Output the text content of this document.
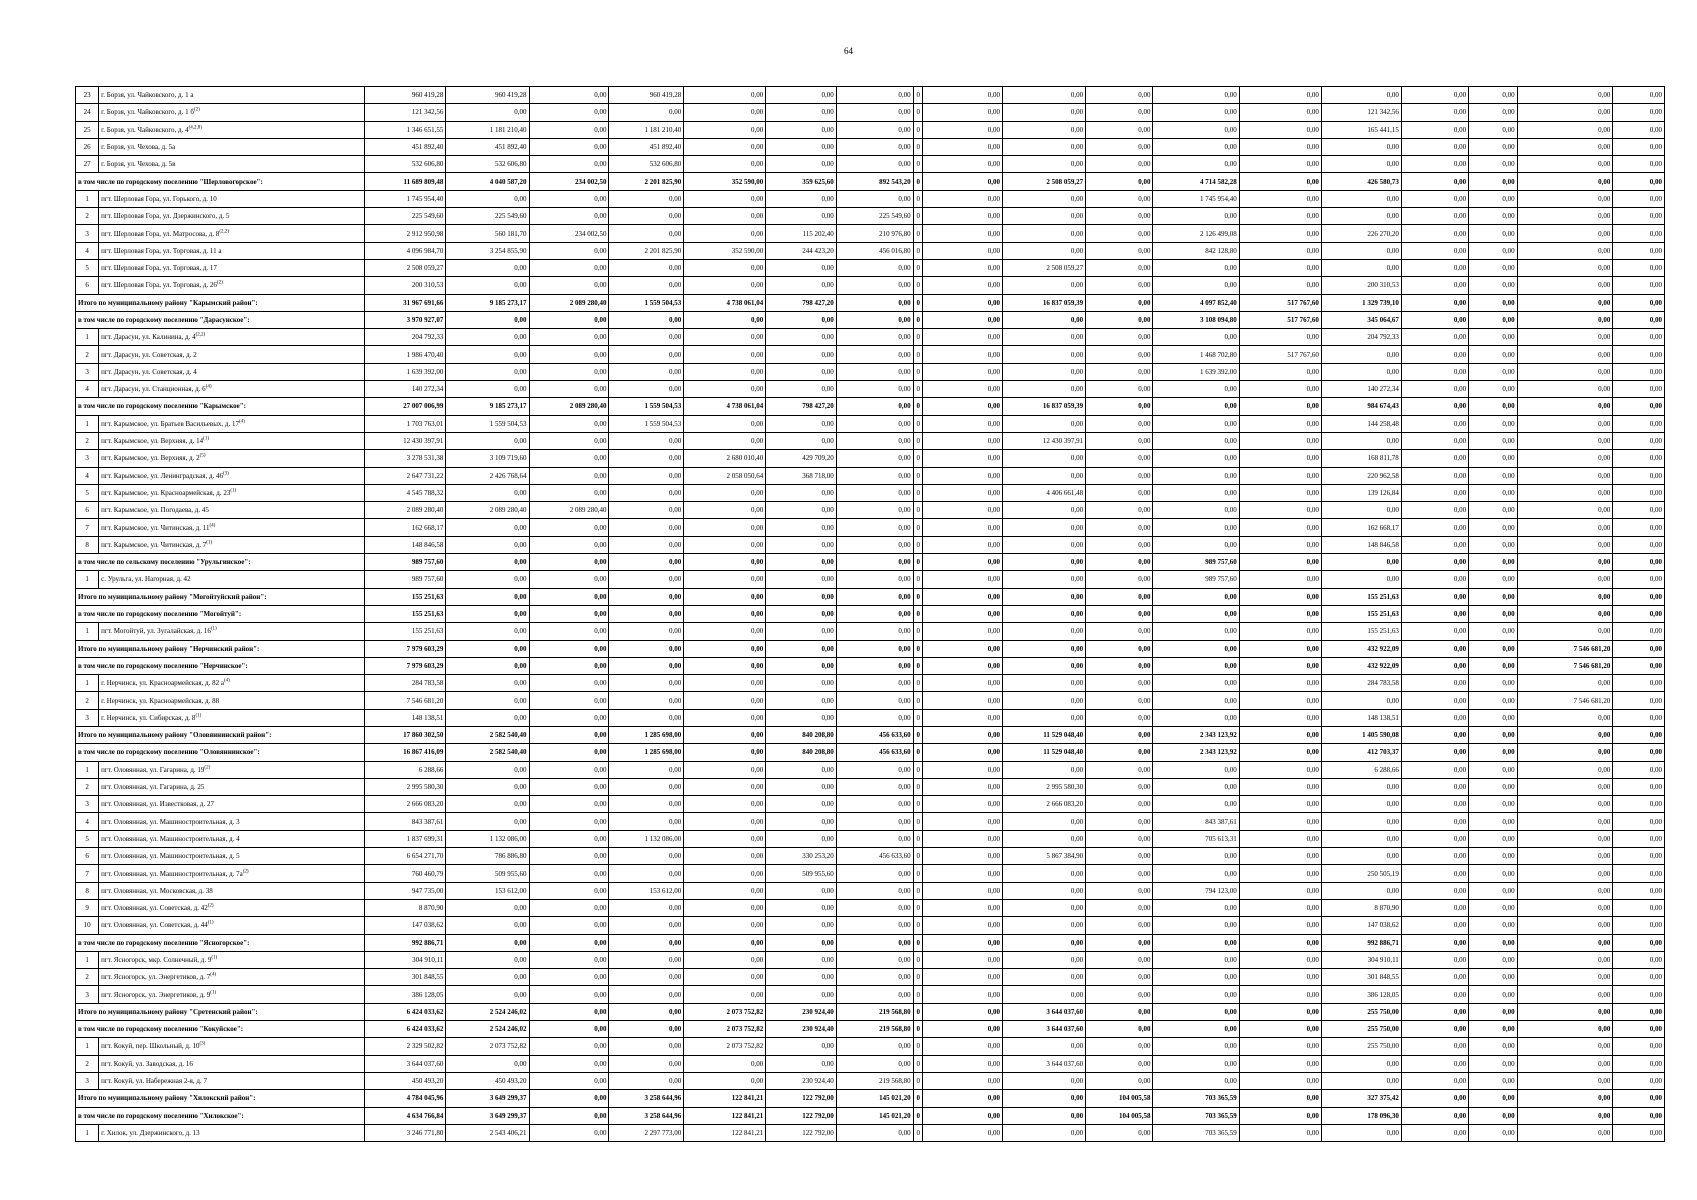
64
23	г. Борзя, ул. Чайковского, д. 1 а	960 419,28	960 419,28	0,00	960 419,28	0,00	0,00	0,00	0	0,00	0,00	0,00	0,00	0,00	0,00	0,00	0,00	0,00	0,00
24	г. Борзя, ул. Чайковского, д. 1 $б^{(2)}$	121 342,56	0,00	0,00	0,00	0,00	0,00	0,00	0	0,00	0,00	0,00	0,00	0,00	121 342,56	0,00	0,00	0,00	0,00
25	г. Борзя, ул. Чайковского, д. 4$^{(4,2,8)}$	1 346 651,55	1 181 210,40	0,00	1 181 210,40	0,00	0,00	0,00	0	0,00	0,00	0,00	0,00	0,00	165 441,15	0,00	0,00	0,00	0,00
26	г. Борзя, ул. Чехова, д. 5а	451 892,40	451 892,40	0,00	451 892,40	0,00	0,00	0,00	0	0,00	0,00	0,00	0,00	0,00	0,00	0,00	0,00	0,00	0,00
27	г. Борзя, ул. Чехова, д. 5в	532 606,80	532 606,80	0,00	532 606,80	0,00	0,00	0,00	0	0,00	0,00	0,00	0,00	0,00	0,00	0,00	0,00	0,00	0,00
в том числе по городскому поселению "Шерловогорское":		11 689 809,48	4 040 587,20	234 002,50	2 201 825,90	352 590,00	359 625,60	892 543,20	0	0,00	2 508 059,27	0,00	4 714 582,28	0,00	426 580,73	0,00	0,00	0,00	0,00
1	пгт. Шерловая Гора, ул. Горького, д. 10	1 745 954,40	0,00	0,00	0,00	0,00	0,00	0,00	0	0,00	0,00	0,00	1 745 954,40	0,00	0,00	0,00	0,00	0,00	0,00
2	пгт. Шерловая Гора, ул. Дзержинского, д. 5	225 549,60	225 549,60	0,00	0,00	0,00	0,00	225 549,60	0	0,00	0,00	0,00	0,00	0,00	0,00	0,00	0,00	0,00	0,00
3	пгт. Шерловая Гора, ул. Матросова, д. 8$^{(2,2)}$	2 912 950,98	560 181,70	234 002,50	0,00	0,00	115 202,40	210 976,80	0	0,00	0,00	0,00	2 126 499,08	0,00	226 270,20	0,00	0,00	0,00	0,00
4	пгт. Шерловая Гора, ул. Торговая, д. 11 а	4 096 984,70	3 254 855,90	0,00	2 201 825,90	352 590,00	244 423,20	456 016,80	0	0,00	0,00	0,00	842 128,80	0,00	0,00	0,00	0,00	0,00	0,00
5	пгт. Шерловая Гора, ул. Торговая, д. 17	2 508 059,27	0,00	0,00	0,00	0,00	0,00	0,00	0	0,00	2 508 059,27	0,00	0,00	0,00	0,00	0,00	0,00	0,00	0,00
6	пгт. Шерловая Гора, ул. Торговая, д. 26$^{(2)}$	200 310,53	0,00	0,00	0,00	0,00	0,00	0,00	0	0,00	0,00	0,00	0,00	0,00	200 310,53	0,00	0,00	0,00	0,00
Итого по муниципальному району "Карымский район":		31 967 691,66	9 185 273,17	2 089 280,40	1 559 504,53	4 738 061,04	798 427,20	0,00	0	0,00	16 837 059,39	0,00	4 097 852,40	517 767,60	1 329 739,10	0,00	0,00	0,00	0,00
в том числе по городскому поселению "Дарасунское":		3 970 927,07	0,00	0,00	0,00	0,00	0,00	0,00	0	0,00	0,00	0,00	3 108 094,80	517 767,60	345 064,67	0,00	0,00	0,00	0,00
1	пгт. Дарасун, ул. Калинина, д. 4$^{(2,2)}$	204 792,33	0,00	0,00	0,00	0,00	0,00	0,00	0	0,00	0,00	0,00	0,00	0,00	204 792,33	0,00	0,00	0,00	0,00
2	пгт. Дарасун, ул. Советская, д. 2	1 986 470,40	0,00	0,00	0,00	0,00	0,00	0,00	0	0,00	0,00	0,00	1 468 702,80	517 767,60	0,00	0,00	0,00	0,00	0,00
3	пгт. Дарасун, ул. Советская, д. 4	1 639 392,00	0,00	0,00	0,00	0,00	0,00	0,00	0	0,00	0,00	0,00	1 639 392,00	0,00	0,00	0,00	0,00	0,00	0,00
4	пгт. Дарасун, ул. Станционная, д. 6$^{(4)}$	140 272,34	0,00	0,00	0,00	0,00	0,00	0,00	0	0,00	0,00	0,00	0,00	0,00	140 272,34	0,00	0,00	0,00	0,00
в том числе по городскому поселению "Карымское":		27 007 006,99	9 185 273,17	2 089 280,40	1 559 504,53	4 738 061,04	798 427,20	0,00	0	0,00	16 837 059,39	0,00	0,00	0,00	984 674,43	0,00	0,00	0,00	0,00
1	пгт. Карымское, ул. Братьев Васильевых, д. 17$^{(4)}$	1 703 763,01	1 559 504,53	0,00	1 559 504,53	0,00	0,00	0,00	0	0,00	0,00	0,00	0,00	0,00	144 258,48	0,00	0,00	0,00	0,00
2	пгт. Карымское, ул. Верхняя, д. 14$^{(1)}$	12 430 397,91	0,00	0,00	0,00	0,00	0,00	0,00	0	0,00	12 430 397,91	0,00	0,00	0,00	0,00	0,00	0,00	0,00	0,00
3	пгт. Карымское, ул. Верхняя, д. 2$^{(5)}$	3 278 531,38	3 109 719,60	0,00	0,00	2 680 010,40	429 709,20	0,00	0	0,00	0,00	0,00	0,00	0,00	168 811,78	0,00	0,00	0,00	0,00
4	пгт. Карымское, ул. Ленинградская, д. 46$^{(3)}$	2 647 731,22	2 426 768,64	0,00	0,00	2 058 050,64	368 718,00	0,00	0	0,00	0,00	0,00	0,00	0,00	220 962,58	0,00	0,00	0,00	0,00
5	пгт. Карымское, ул. Красноармейская, д. 23$^{(1)}$	4 545 788,32	0,00	0,00	0,00	0,00	0,00	0,00	0	0,00	4 406 661,48	0,00	0,00	0,00	139 126,84	0,00	0,00	0,00	0,00
6	пгт. Карымское, ул. Погодаева, д. 45	2 089 280,40	2 089 280,40	2 089 280,40	0,00	0,00	0,00	0,00	0	0,00	0,00	0,00	0,00	0,00	0,00	0,00	0,00	0,00	0,00
7	пгт. Карымское, ул. Читинская, д. 11$^{(4)}$	162 668,17	0,00	0,00	0,00	0,00	0,00	0,00	0	0,00	0,00	0,00	0,00	0,00	162 668,17	0,00	0,00	0,00	0,00
8	пгт. Карымское, ул. Читинская, д. 7$^{(1)}$	148 846,58	0,00	0,00	0,00	0,00	0,00	0,00	0	0,00	0,00	0,00	0,00	0,00	148 846,58	0,00	0,00	0,00	0,00
в том числе по сельскому поселению "Урульгинское":		989 757,60	0,00	0,00	0,00	0,00	0,00	0,00	0	0,00	0,00	0,00	989 757,60	0,00	0,00	0,00	0,00	0,00	0,00
1	с. Урульга, ул. Нагорная, д. 42	989 757,60	0,00	0,00	0,00	0,00	0,00	0,00	0	0,00	0,00	0,00	989 757,60	0,00	0,00	0,00	0,00	0,00	0,00
Итого по муниципальному району "Могойтуйский район":		155 251,63	0,00	0,00	0,00	0,00	0,00	0,00	0	0,00	0,00	0,00	0,00	0,00	155 251,63	0,00	0,00	0,00	0,00
в том числе по городскому поселению "Могойтуй":		155 251,63	0,00	0,00	0,00	0,00	0,00	0,00	0	0,00	0,00	0,00	0,00	0,00	155 251,63	0,00	0,00	0,00	0,00
1	пгт. Могойтуй, ул. Зугалайская, д. 16$^{(1)}$	155 251,63	0,00	0,00	0,00	0,00	0,00	0,00	0	0,00	0,00	0,00	0,00	0,00	155 251,63	0,00	0,00	0,00	0,00
Итого по муниципальному району "Нерчинский район":		7 979 603,29	0,00	0,00	0,00	0,00	0,00	0,00	0	0,00	0,00	0,00	0,00	0,00	432 922,09	0,00	0,00	7 546 681,20	0,00
в том числе по городскому поселению "Нерчинское":		7 979 603,29	0,00	0,00	0,00	0,00	0,00	0,00	0	0,00	0,00	0,00	0,00	0,00	432 922,09	0,00	0,00	7 546 681,20	0,00
1	г. Нерчинск, ул. Красноармейская, д. 82 $а^{(4)}$	284 783,58	0,00	0,00	0,00	0,00	0,00	0,00	0	0,00	0,00	0,00	0,00	0,00	284 783,58	0,00	0,00	0,00	0,00
2	г. Нерчинск, ул. Красноармейская, д. 88	7 546 681,20	0,00	0,00	0,00	0,00	0,00	0,00	0	0,00	0,00	0,00	0,00	0,00	0,00	0,00	0,00	7 546 681,20	0,00
3	г. Нерчинск, ул. Сибирская, д. 8$^{(1)}$	148 138,51	0,00	0,00	0,00	0,00	0,00	0,00	0	0,00	0,00	0,00	0,00	0,00	148 138,51	0,00	0,00	0,00	0,00
Итого по муниципальному району "Оловяннинский район":		17 860 302,50	2 582 540,40	0,00	1 285 698,00	0,00	840 208,80	456 633,60	0	0,00	11 529 048,40	0,00	2 343 123,92	0,00	1 405 590,08	0,00	0,00	0,00	0,00
в том числе по городскому поселению "Оловяннинское":		16 867 416,09	2 582 540,40	0,00	1 285 698,00	0,00	840 208,80	456 633,60	0	0,00	11 529 048,40	0,00	2 343 123,92	0,00	412 703,37	0,00	0,00	0,00	0,00
1	пгт. Оловянная, ул. Гагарина, д. 19$^{(2)}$	6 288,66	0,00	0,00	0,00	0,00	0,00	0,00	0	0,00	0,00	0,00	0,00	0,00	6 288,66	0,00	0,00	0,00	0,00
2	пгт. Оловянная, ул. Гагарина, д. 25	2 995 580,30	0,00	0,00	0,00	0,00	0,00	0,00	0	0,00	2 995 580,30	0,00	0,00	0,00	0,00	0,00	0,00	0,00	0,00
3	пгт. Оловянная, ул. Известковая, д. 27	2 666 083,20	0,00	0,00	0,00	0,00	0,00	0,00	0	0,00	2 666 083,20	0,00	0,00	0,00	0,00	0,00	0,00	0,00	0,00
4	пгт. Оловянная, ул. Машиностроительная, д. 3	843 387,61	0,00	0,00	0,00	0,00	0,00	0,00	0	0,00	0,00	0,00	843 387,61	0,00	0,00	0,00	0,00	0,00	0,00
5	пгт. Оловянная, ул. Машиностроительная, д. 4	1 837 699,31	1 132 086,00	0,00	1 132 086,00	0,00	0,00	0,00	0	0,00	0,00	0,00	705 613,31	0,00	0,00	0,00	0,00	0,00	0,00
6	пгт. Оловянная, ул. Машиностроительная, д. 5	6 654 271,70	786 886,80	0,00	0,00	0,00	330 253,20	456 633,60	0	0,00	5 867 384,90	0,00	0,00	0,00	0,00	0,00	0,00	0,00	0,00
7	пгт. Оловянная, ул. Машиностроительная, д. $7а^{(2)}$	760 460,79	509 955,60	0,00	0,00	0,00	509 955,60	0,00	0	0,00	0,00	0,00	0,00	0,00	250 505,19	0,00	0,00	0,00	0,00
8	пгт. Оловянная, ул. Московская, д. 38	947 735,00	153 612,00	0,00	153 612,00	0,00	0,00	0,00	0	0,00	0,00	0,00	794 123,00	0,00	0,00	0,00	0,00	0,00	0,00
9	пгт. Оловянная, ул. Советская, д. 42$^{(2)}$	8 870,90	0,00	0,00	0,00	0,00	0,00	0,00	0	0,00	0,00	0,00	0,00	0,00	8 870,90	0,00	0,00	0,00	0,00
10	пгт. Оловянная, ул. Советская, д. 44$^{(1)}$	147 038,62	0,00	0,00	0,00	0,00	0,00	0,00	0	0,00	0,00	0,00	0,00	0,00	147 038,62	0,00	0,00	0,00	0,00
в том числе по городскому поселению "Ясногорское":		992 886,71	0,00	0,00	0,00	0,00	0,00	0,00	0	0,00	0,00	0,00	0,00	0,00	992 886,71	0,00	0,00	0,00	0,00
1	пгт. Ясногорск, мкр. Солнечный, д. 9$^{(1)}$	304 910,11	0,00	0,00	0,00	0,00	0,00	0,00	0	0,00	0,00	0,00	0,00	0,00	304 910,11	0,00	0,00	0,00	0,00
2	пгт. Ясногорск, ул. Энергетиков, д. 7$^{(4)}$	301 848,55	0,00	0,00	0,00	0,00	0,00	0,00	0	0,00	0,00	0,00	0,00	0,00	301 848,55	0,00	0,00	0,00	0,00
3	пгт. Ясногорск, ул. Энергетиков, д. 9$^{(1)}$	386 128,05	0,00	0,00	0,00	0,00	0,00	0,00	0	0,00	0,00	0,00	0,00	0,00	386 128,05	0,00	0,00	0,00	0,00
Итого по муниципальному району "Сретенский район":		6 424 033,62	2 524 246,02	0,00	0,00	2 073 752,82	230 924,40	219 568,80	0	0,00	3 644 037,60	0,00	0,00	0,00	255 750,00	0,00	0,00	0,00	0,00
в том числе по городскому поселению "Кокуйское":		6 424 033,62	2 524 246,02	0,00	0,00	2 073 752,82	230 924,40	219 568,80	0	0,00	3 644 037,60	0,00	0,00	0,00	255 750,00	0,00	0,00	0,00	0,00
1	пгт. Кокуй, пер. Школьный, д. 10$^{(3)}$	2 329 502,82	2 073 752,82	0,00	0,00	2 073 752,82	0,00	0,00	0	0,00	0,00	0,00	0,00	0,00	255 750,00	0,00	0,00	0,00	0,00
2	пгт. Кокуй, ул. Заводская, д. 16	3 644 037,60	0,00	0,00	0,00	0,00	0,00	0,00	0	0,00	3 644 037,60	0,00	0,00	0,00	0,00	0,00	0,00	0,00	0,00
3	пгт. Кокуй, ул. Набережная 2-я, д. 7	450 493,20	450 493,20	0,00	0,00	0,00	230 924,40	219 568,80	0	0,00	0,00	0,00	0,00	0,00	0,00	0,00	0,00	0,00	0,00
Итого по муниципальному району "Хилокский район":		4 784 045,96	3 649 299,37	0,00	3 258 644,96	122 841,21	122 792,00	145 021,20	0	0,00	0,00	104 005,58	703 365,59	0,00	327 375,42	0,00	0,00	0,00	0,00
в том числе по городскому поселению "Хилокское":		4 634 766,84	3 649 299,37	0,00	3 258 644,96	122 841,21	122 792,00	145 021,20	0	0,00	0,00	104 005,58	703 365,59	0,00	178 096,30	0,00	0,00	0,00	0,00
1	г. Хилок, ул. Дзержинского, д. 13	3 246 771,80	2 543 406,21	0,00	2 297 773,00	122 841,21	122 792,00	0,00	0	0,00	0,00	0,00	703 365,59	0,00	0,00	0,00	0,00	0,00	0,00
